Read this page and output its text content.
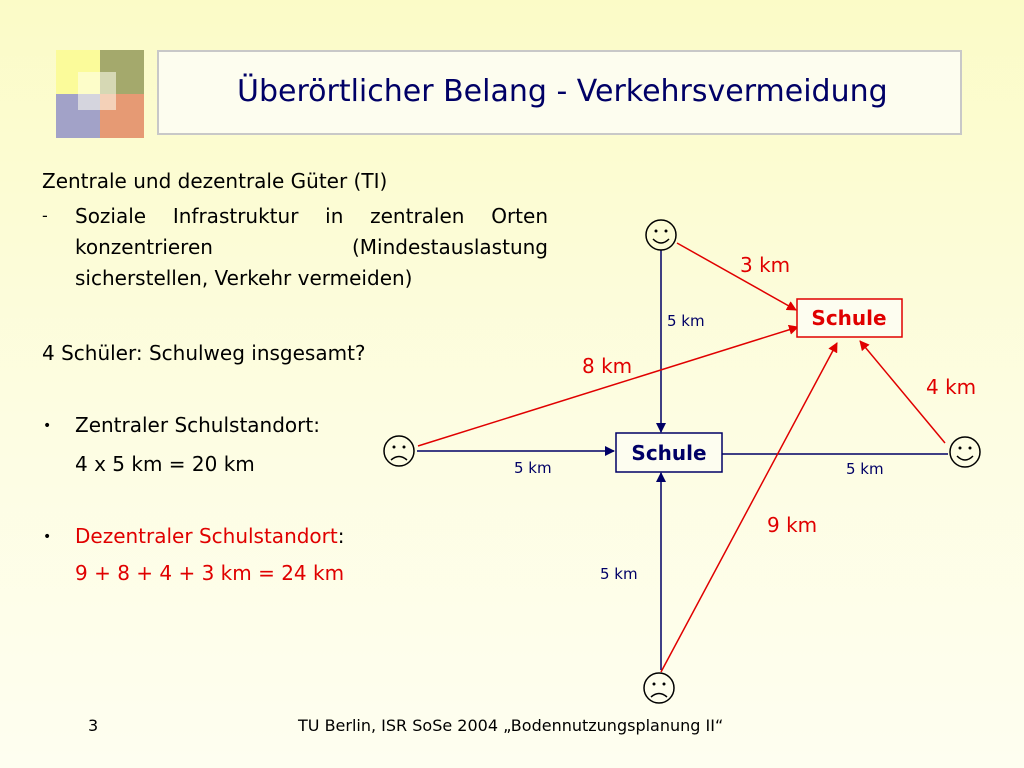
Überörtlicher Belang - Verkehrsvermeidung
Zentrale und dezentrale Güter (TI)
- Soziale Infrastruktur in zentralen Orten konzentrieren (Mindestauslastung sicherstellen, Verkehr vermeiden)
4 Schüler: Schulweg insgesamt?
• Zentraler Schulstandort:
4 x 5 km = 20 km
• Dezentraler Schulstandort:
9 + 8 + 4 + 3 km = 24 km
Schule
Schule
5 km
5 km	5 km
5 km
3 km
8 km
4 km
9 km
3	TU Berlin, ISR SoSe 2004 „Bodennutzungsplanung II“
